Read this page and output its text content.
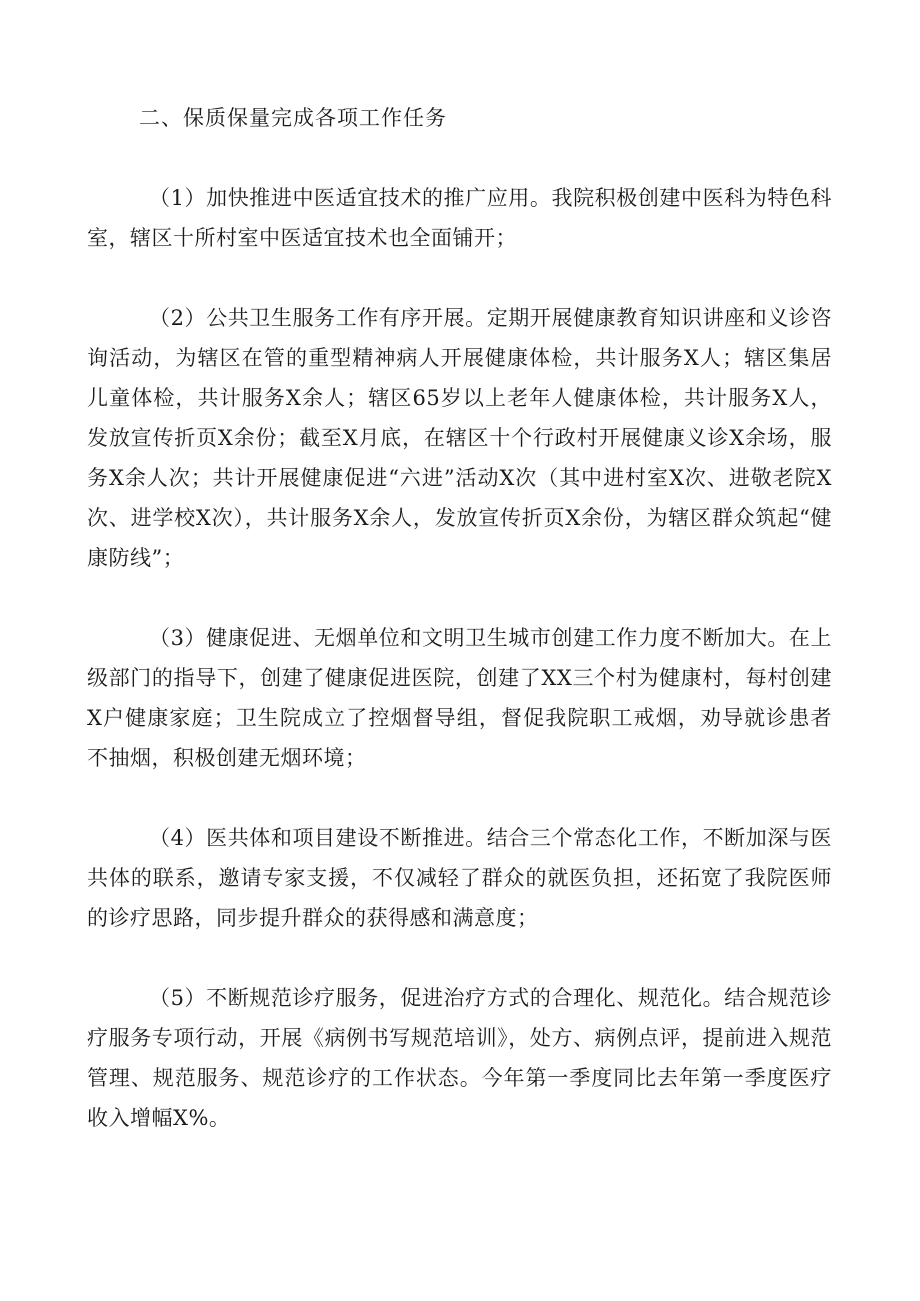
二、保质保量完成各项工作任务

（1）加快推进中医适宜技术的推广应用。我院积极创建中医科为特色科室，辖区十所村室中医适宜技术也全面铺开；

（2）公共卫生服务工作有序开展。定期开展健康教育知识讲座和义诊咨询活动，为辖区在管的重型精神病人开展健康体检，共计服务X人；辖区集居儿童体检，共计服务X余人；辖区65岁以上老年人健康体检，共计服务X人，发放宣传折页X余份；截至X月底，在辖区十个行政村开展健康义诊X余场，服务X余人次；共计开展健康促进“六进”活动X次（其中进村室X次、进敬老院X次、进学校X次），共计服务X余人，发放宣传折页X余份，为辖区群众筑起“健康防线”；

（3）健康促进、无烟单位和文明卫生城市创建工作力度不断加大。在上级部门的指导下，创建了健康促进医院，创建了XX三个村为健康村，每村创建X户健康家庭；卫生院成立了控烟督导组，督促我院职工戒烟，劝导就诊患者不抽烟，积极创建无烟环境；

（4）医共体和项目建设不断推进。结合三个常态化工作，不断加深与医共体的联系，邀请专家支援，不仅减轻了群众的就医负担，还拓宽了我院医师的诊疗思路，同步提升群众的获得感和满意度；

（5）不断规范诊疗服务，促进治疗方式的合理化、规范化。结合规范诊疗服务专项行动，开展《病例书写规范培训》，处方、病例点评，提前进入规范管理、规范服务、规范诊疗的工作状态。今年第一季度同比去年第一季度医疗收入增幅X%。
